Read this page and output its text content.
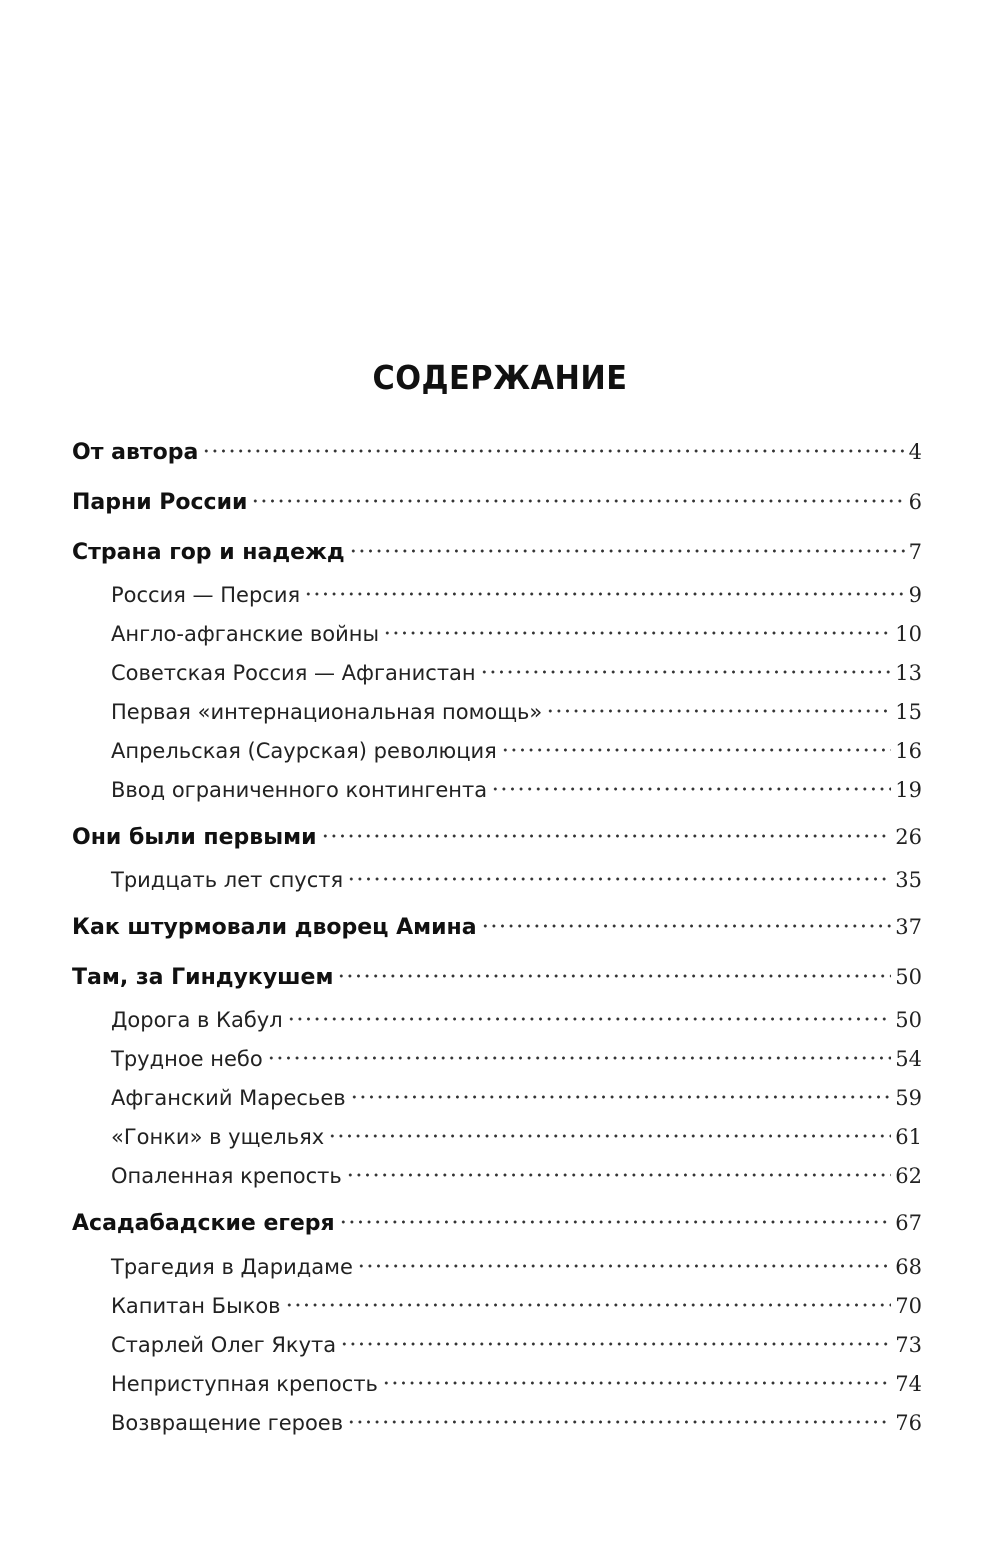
СОДЕРЖАНИЕ
От автора	4
Парни России	6
Страна гор и надежд	7
Россия — Персия	9
Англо-афганские войны	10
Советская Россия — Афганистан	13
Первая «интернациональная помощь»	15
Апрельская (Саурская) революция	16
Ввод ограниченного контингента	19
Они были первыми	26
Тридцать лет спустя	35
Как штурмовали дворец Амина	37
Там, за Гиндукушем	50
Дорога в Кабул	50
Трудное небо	54
Афганский Маресьев	59
«Гонки» в ущельях	61
Опаленная крепость	62
Асадабадские егеря	67
Трагедия в Даридаме	68
Капитан Быков	70
Старлей Олег Якута	73
Неприступная крепость	74
Возвращение героев	76
